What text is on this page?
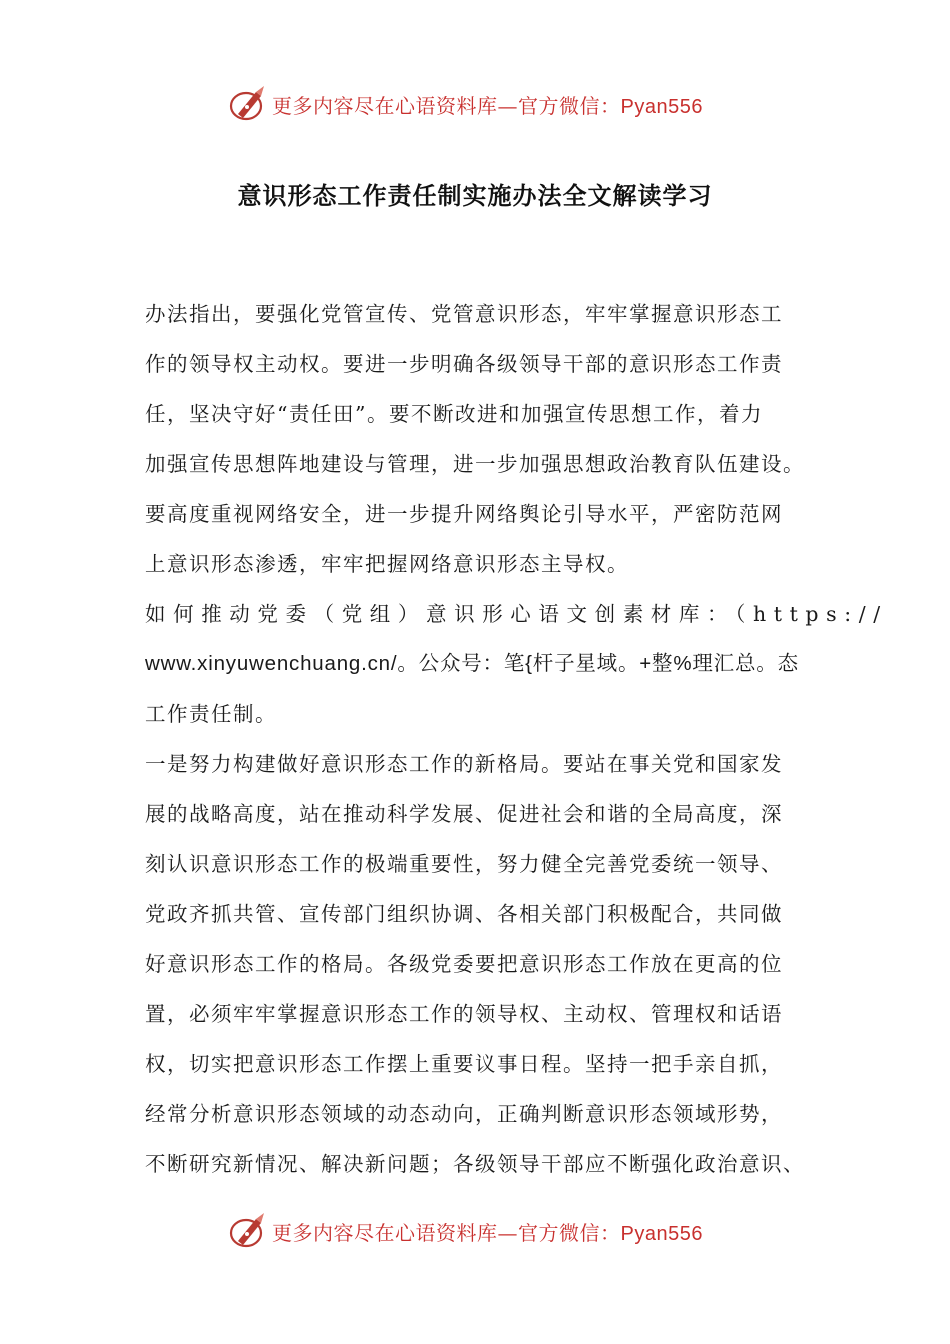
更多内容尽在心语资料库—官方微信：Pyan556
意识形态工作责任制实施办法全文解读学习
办法指出，要强化党管宣传、党管意识形态，牢牢掌握意识形态工
作的领导权主动权。要进一步明确各级领导干部的意识形态工作责
任，坚决守好“责任田”。要不断改进和加强宣传思想工作，着力
加强宣传思想阵地建设与管理，进一步加强思想政治教育队伍建设。
要高度重视网络安全，进一步提升网络舆论引导水平，严密防范网
上意识形态渗透，牢牢把握网络意识形态主导权。
如何推动党委（党组）意识形心语文创素材库：（https://
www.xinyuwenchuang.cn/。公众号：笔{杆子星域。+整%理汇总。态
工作责任制。
一是努力构建做好意识形态工作的新格局。要站在事关党和国家发
展的战略高度，站在推动科学发展、促进社会和谐的全局高度，深
刻认识意识形态工作的极端重要性，努力健全完善党委统一领导、
党政齐抓共管、宣传部门组织协调、各相关部门积极配合，共同做
好意识形态工作的格局。各级党委要把意识形态工作放在更高的位
置，必须牢牢掌握意识形态工作的领导权、主动权、管理权和话语
权，切实把意识形态工作摆上重要议事日程。坚持一把手亲自抓，
经常分析意识形态领域的动态动向，正确判断意识形态领域形势，
不断研究新情况、解决新问题；各级领导干部应不断强化政治意识、
更多内容尽在心语资料库—官方微信：Pyan556
